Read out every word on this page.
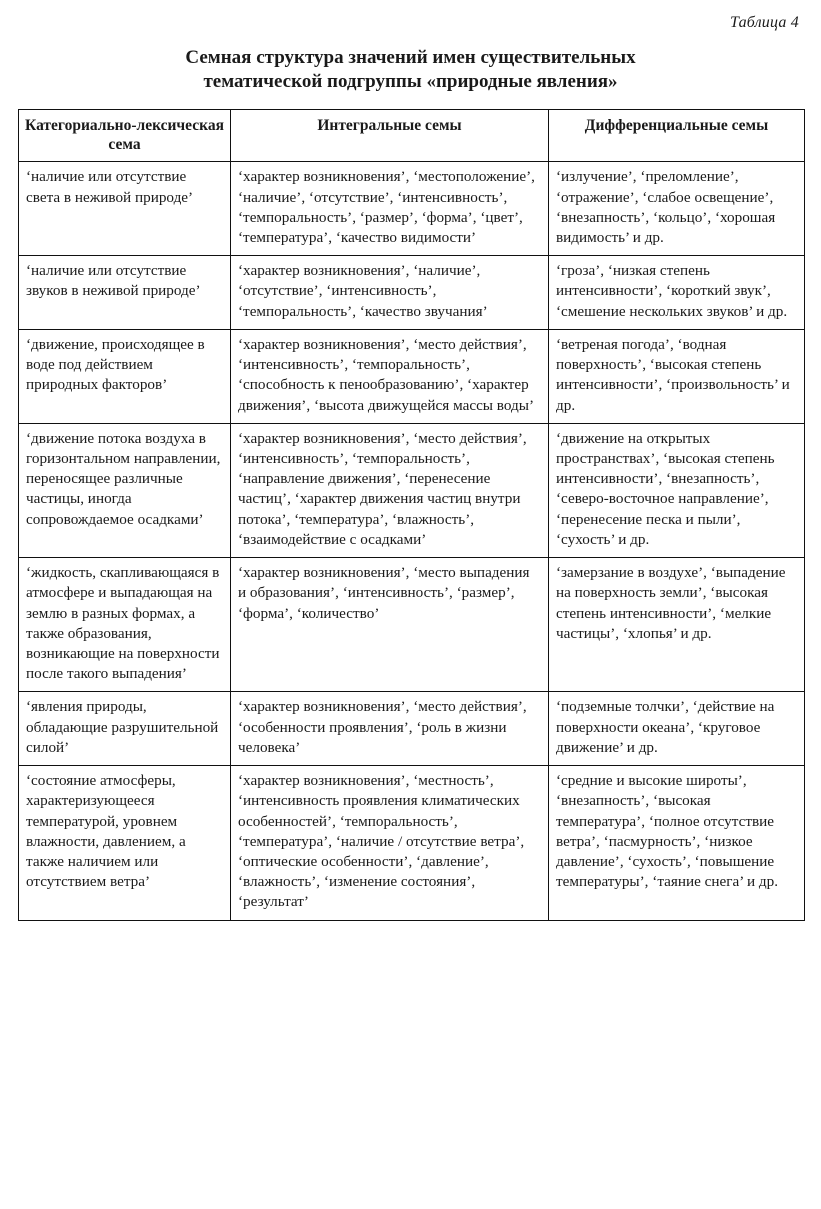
Таблица 4
Семная структура значений имен существительных
тематической подгруппы «природные явления»
Категориально-лексическая сема	Интегральные семы	Дифференциальные семы
‘наличие или отсутствие света в неживой природе’	‘характер возникновения’, ‘местоположение’, ‘наличие’, ‘отсутствие’, ‘интенсивность’, ‘темпоральность’, ‘размер’, ‘форма’, ‘цвет’, ‘температура’, ‘качество видимости’	‘излучение’, ‘преломление’, ‘отражение’, ‘слабое освещение’, ‘внезапность’, ‘кольцо’, ‘хорошая видимость’ и др.
‘наличие или отсутствие звуков в неживой природе’	‘характер возникновения’, ‘наличие’, ‘отсутствие’, ‘интенсивность’, ‘темпоральность’, ‘качество звучания’	‘гроза’, ‘низкая степень интенсивности’, ‘короткий звук’, ‘смешение нескольких звуков’ и др.
‘движение, происходящее в воде под действием природных факторов’	‘характер возникновения’, ‘место действия’, ‘интенсивность’, ‘темпоральность’, ‘способность к пенообразованию’, ‘характер движения’, ‘высота движущейся массы воды’	‘ветреная погода’, ‘водная поверхность’, ‘высокая степень интенсивности’, ‘произвольность’ и др.
‘движение потока воздуха в горизонтальном направлении, переносящее различные частицы, иногда сопровождаемое осадками’	‘характер возникновения’, ‘место действия’, ‘интенсивность’, ‘темпоральность’, ‘направление движения’, ‘перенесение частиц’, ‘характер движения частиц внутри потока’, ‘температура’, ‘влажность’, ‘взаимодействие с осадками’	‘движение на открытых пространствах’, ‘высокая степень интенсивности’, ‘внезапность’, ‘северо-восточное направление’, ‘перенесение песка и пыли’, ‘сухость’ и др.
‘жидкость, скапливающаяся в атмосфере и выпадающая на землю в разных формах, а также образования, возникающие на поверхности после такого выпадения’	‘характер возникновения’, ‘место выпадения и образования’, ‘интенсивность’, ‘размер’, ‘форма’, ‘количество’	‘замерзание в воздухе’, ‘выпадение на поверхность земли’, ‘высокая степень интенсивности’, ‘мелкие частицы’, ‘хлопья’ и др.
‘явления природы, обладающие разрушительной силой’	‘характер возникновения’, ‘место действия’, ‘особенности проявления’, ‘роль в жизни человека’	‘подземные толчки’, ‘действие на поверхности океана’, ‘круговое движение’ и др.
‘состояние атмосферы, характеризующееся температурой, уровнем влажности, давлением, а также наличием или отсутствием ветра’	‘характер возникновения’, ‘местность’, ‘интенсивность проявления климатических особенностей’, ‘темпоральность’, ‘температура’, ‘наличие / отсутствие ветра’, ‘оптические особенности’, ‘давление’, ‘влажность’, ‘изменение состояния’, ‘результат’	‘средние и высокие широты’, ‘внезапность’, ‘высокая температура’, ‘полное отсутствие ветра’, ‘пасмурность’, ‘низкое давление’, ‘сухость’, ‘повышение температуры’, ‘таяние снега’ и др.
